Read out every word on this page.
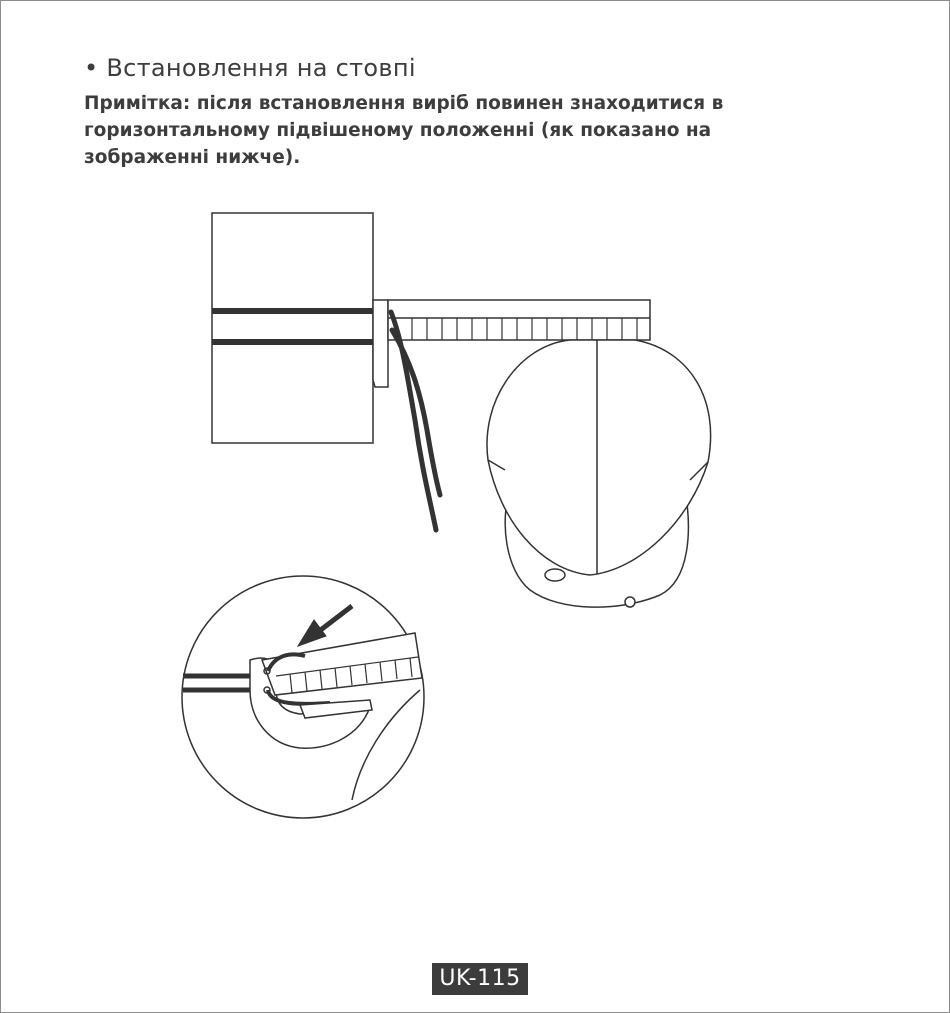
• Встановлення на стовпі
Примітка: після встановлення виріб повинен знаходитися в горизонтальному підвішеному положенні (як показано на зображенні нижче).
UK-115
